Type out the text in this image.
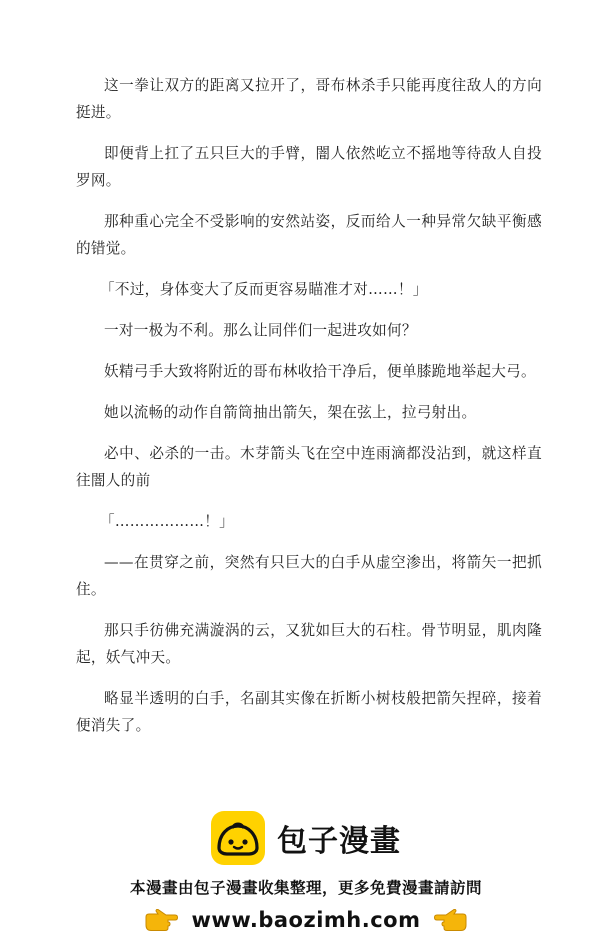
这一拳让双方的距离又拉开了，哥布林杀手只能再度往敌人的方向挺进。

即便背上扛了五只巨大的手臂，闇人依然屹立不摇地等待敌人自投罗网。

那种重心完全不受影响的安然站姿，反而给人一种异常欠缺平衡感的错觉。

「不过，身体变大了反而更容易瞄准才对……！」

一对一极为不利。那么让同伴们一起进攻如何？

妖精弓手大致将附近的哥布林收拾干净后，便单膝跪地举起大弓。

她以流畅的动作自箭筒抽出箭矢，架在弦上，拉弓射出。

必中、必杀的一击。木芽箭头飞在空中连雨滴都没沾到，就这样直往闇人的前

「………………！」

——在贯穿之前，突然有只巨大的白手从虚空渗出，将箭矢一把抓住。

那只手彷佛充满漩涡的云，又犹如巨大的石柱。骨节明显，肌肉隆起，妖气冲天。

略显半透明的白手，名副其实像在折断小树枝般把箭矢捏碎，接着便消失了。

包子漫畫
本漫畫由包子漫畫收集整理，更多免費漫畫請訪問
www.baozimh.com
